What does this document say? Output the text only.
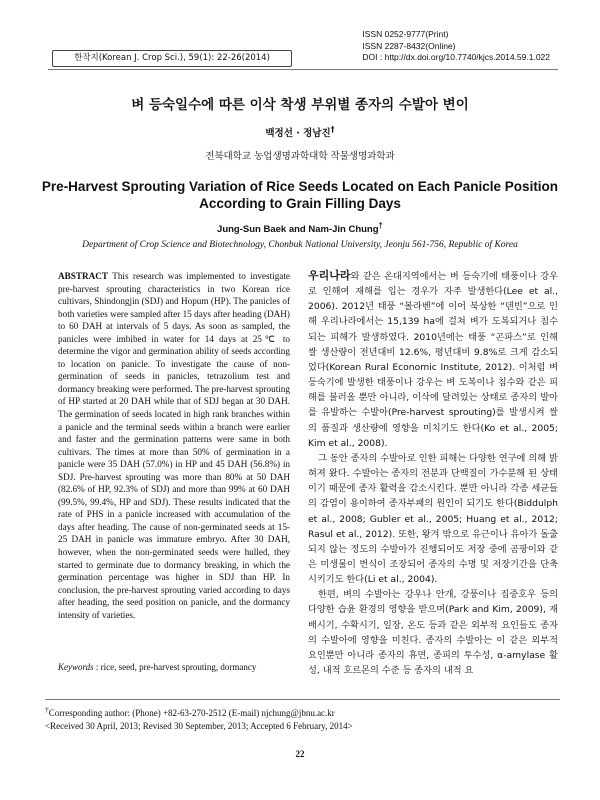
한작지(Korean J. Crop Sci.), 59(1): 22-26(2014)
ISSN 0252-9777(Print)
ISSN 2287-8432(Online)
DOI : http://dx.doi.org/10.7740/kjcs.2014.59.1.022
벼 등숙일수에 따른 이삭 착생 부위별 종자의 수발아 변이
백정선 · 정남진†
전북대학교 농업생명과학대학 작물생명과학과
Pre-Harvest Sprouting Variation of Rice Seeds Located on Each Panicle Position According to Grain Filling Days
Jung-Sun Baek and Nam-Jin Chung†
Department of Crop Science and Biotechnology, Chonbuk National University, Jeonju 561-756, Republic of Korea
ABSTRACT This research was implemented to investigate pre-harvest sprouting characteristics in two Korean rice cultivars, Shindongjin (SDJ) and Hopum (HP). The panicles of both varieties were sampled after 15 days after heading (DAH) to 60 DAH at intervals of 5 days. As soon as sampled, the panicles were imbibed in water for 14 days at 25℃ to determine the vigor and germination ability of seeds according to location on panicle. To investigate the cause of non-germination of seeds in panicles, tetrazolium test and dormancy breaking were performed. The pre-harvest sprouting of HP started at 20 DAH while that of SDJ began at 30 DAH. The germination of seeds located in high rank branches within a panicle and the terminal seeds within a branch were earlier and faster and the germination patterns were same in both cultivars. The times at more than 50% of germination in a panicle were 35 DAH (57.0%) in HP and 45 DAH (56.8%) in SDJ. Pre-harvest sprouting was more than 80% at 50 DAH (82.6% of HP, 92.3% of SDJ) and more than 99% at 60 DAH (99.5%, 99.4%, HP and SDJ). These results indicated that the rate of PHS in a panicle increased with accumulation of the days after heading. The cause of non-germinated seeds at 15-25 DAH in panicle was immature embryo. After 30 DAH, however, when the non-germinated seeds were hulled, they started to germinate due to dormancy breaking, in which the germination percentage was higher in SDJ than HP. In conclusion, the pre-harvest sprouting varied according to days after heading, the seed position on panicle, and the dormancy intensity of varieties.
Keywords : rice, seed, pre-harvest sprouting, dormancy

우리나라와 같은 온대지역에서는 벼 등숙기에 태풍이나 강우로 인해여 재해를 입는 경우가 자주 발생한다(Lee et al., 2006). 2012년 태풍 “볼라벤”에 이어 북상한 “덴빈”으로 인해 우리나라에서는 15,139 ha에 걸쳐 벼가 도복되거나 침수되는 피해가 발생하였다. 2010년에는 태풍 “곤파스”로 인해 쌀 생산량이 전년대비 12.6%, 평년대비 9.8%로 크게 감소되었다(Korean Rural Economic Institute, 2012). 이처럼 벼 등숙기에 발생한 태풍이나 강우는 벼 도복이나 침수와 같은 피해를 불러올 뿐만 아니라, 이삭에 달려있는 상태로 종자의 발아를 유발하는 수발아(Pre-harvest sprouting)를 발생시켜 쌀의 품질과 생산량에 영향을 미치기도 한다(Ko et al., 2005; Kim et al., 2008).

그 동안 종자의 수발아로 인한 피해는 다양한 연구에 의해 밝혀져 왔다. 수발아는 종자의 전분과 단백질이 가수분해 된 상태이기 때문에 종자 활력을 감소시킨다. 뿐만 아니라 각종 세균들의 감염이 용이하여 종자부패의 원인이 되기도 한다(Biddulph et al., 2008; Gubler et al., 2005; Huang et al., 2012; Rasul et al., 2012). 또한, 왕겨 밖으로 유근이나 유아가 돌출되지 않는 정도의 수발아가 진행되어도 저장 중에 곰팡이와 같은 미생물이 번식이 조장되어 종자의 수명 및 저장기간을 단축시키기도 한다(Li et al., 2004).

한편, 벼의 수발아는 강우나 안개, 강풍이나 집중호우 등의 다양한 습윤 환경의 영향을 받으며(Park and Kim, 2009), 재배시기, 수확시기, 일장, 온도 등과 같은 외부적 요인들도 종자의 수발아에 영향을 미친다. 종자의 수발아는 이 같은 외부적 요인뿐만 아니라 종자의 휴면, 종피의 투수성, α-amylase 활성, 내적 호르몬의 수준 등 종자의 내적 요

†Corresponding author: (Phone) +82-63-270-2512 (E-mail) njchung@jbnu.ac.kr
<Received 30 April, 2013; Revised 30 September, 2013; Accepted 6 February, 2014>
22
